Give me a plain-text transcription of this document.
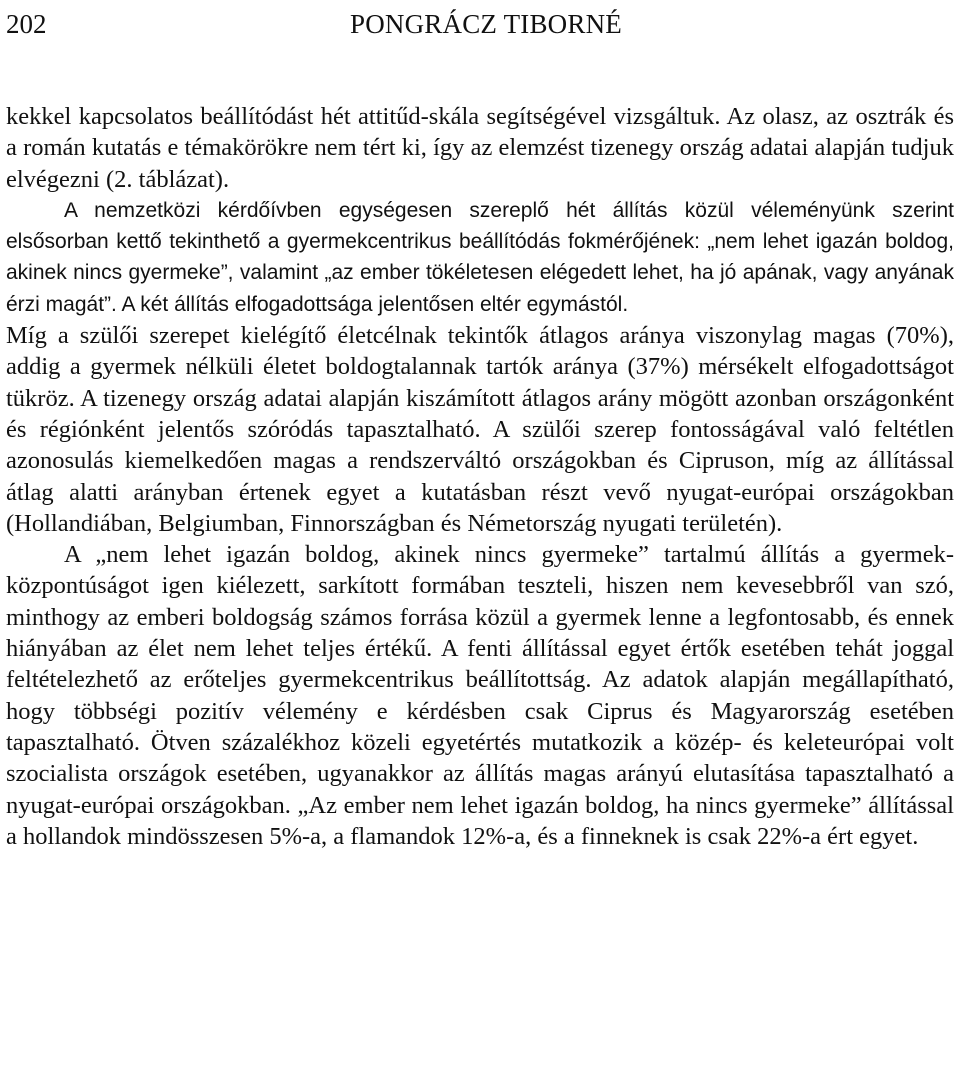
202	PONGRÁCZ TIBORNÉ

kekkel kapcsolatos beállítódást hét attitűd-skála segítségével vizsgáltuk. Az olasz, az osztrák és a román kutatás e témakörökre nem tért ki, így az elemzést tizenegy ország adatai alapján tudjuk elvégezni (2. táblázat).

A nemzetközi kérdőívben egységesen szereplő hét állítás közül véleményünk szerint elsősorban kettő tekinthető a gyermekcentrikus beállítódás fokmérőjének: „nem lehet igazán boldog, akinek nincs gyermeke”, valamint „az ember tökéletesen elégedett lehet, ha jó apának, vagy anyának érzi magát”. A két állítás elfogadottsága jelentősen eltér egymástól.

Míg a szülői szerepet kielégítő életcélnak tekintők átlagos aránya viszonylag magas (70%), addig a gyermek nélküli életet boldogtalannak tartók aránya (37%) mérsékelt elfogadottságot tükröz. A tizenegy ország adatai alapján kiszámított átlagos arány mögött azonban országonként és régiónként jelentős szóródás tapasztalható. A szülői szerep fontosságával való feltétlen azonosulás kiemelkedően magas a rendszerváltó országokban és Cipruson, míg az állítással átlag alatti arányban értenek egyet a kutatásban részt vevő nyugat-európai országokban (Hollandiában, Belgiumban, Finnországban és Németország nyugati területén).

A „nem lehet igazán boldog, akinek nincs gyermeke” tartalmú állítás a gyermek-központúságot igen kiélezett, sarkított formában teszteli, hiszen nem kevesebbről van szó, minthogy az emberi boldogság számos forrása közül a gyermek lenne a legfontosabb, és ennek hiányában az élet nem lehet teljes értékű. A fenti állítással egyet értők esetében tehát joggal feltételezhető az erőteljes gyermekcentrikus beállítottság. Az adatok alapján megállapítható, hogy többségi pozitív vélemény e kérdésben csak Ciprus és Magyarország esetében tapasztalható. Ötven százalékhoz közeli egyetértés mutatkozik a közép- és keleteurópai volt szocialista országok esetében, ugyanakkor az állítás magas arányú elutasítása tapasztalható a nyugat-európai országokban. „Az ember nem lehet igazán boldog, ha nincs gyermeke” állítással a hollandok mindösszesen 5%-a, a flamandok 12%-a, és a finneknek is csak 22%-a ért egyet.
